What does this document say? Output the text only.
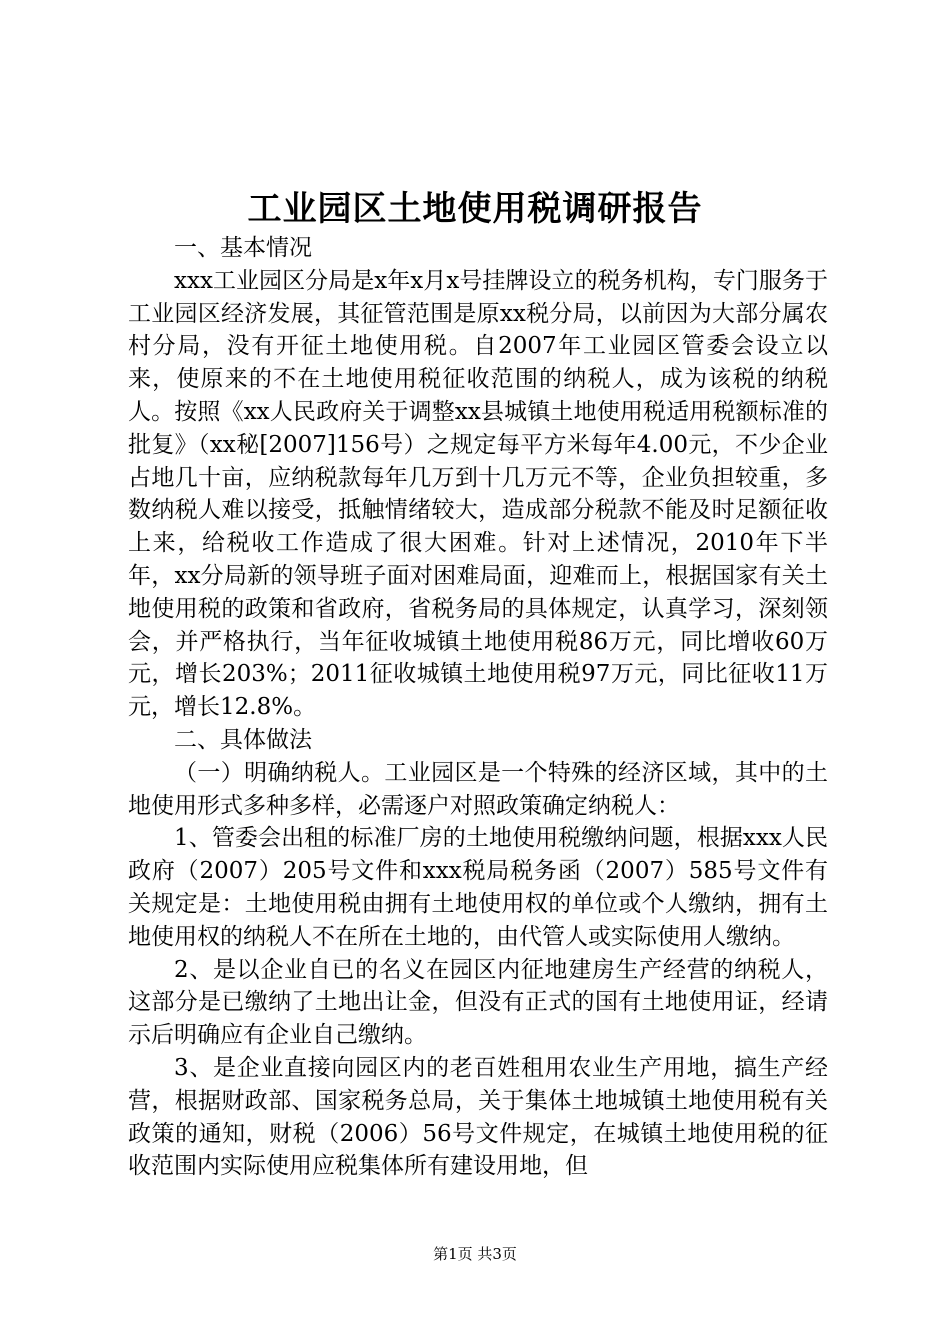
工业园区土地使用税调研报告

一、基本情况

xxx工业园区分局是x年x月x号挂牌设立的税务机构，专门服务于工业园区经济发展，其征管范围是原xx税分局，以前因为大部分属农村分局，没有开征土地使用税。自2007年工业园区管委会设立以来，使原来的不在土地使用税征收范围的纳税人，成为该税的纳税人。按照《xx人民政府关于调整xx县城镇土地使用税适用税额标准的批复》（xx秘[2007]156号）之规定每平方米每年4.00元，不少企业占地几十亩，应纳税款每年几万到十几万元不等，企业负担较重，多数纳税人难以接受，抵触情绪较大，造成部分税款不能及时足额征收上来，给税收工作造成了很大困难。针对上述情况，2010年下半年，xx分局新的领导班子面对困难局面，迎难而上，根据国家有关土地使用税的政策和省政府，省税务局的具体规定，认真学习，深刻领会，并严格执行，当年征收城镇土地使用税86万元，同比增收60万元，增长203%；2011征收城镇土地使用税97万元，同比征收11万元，增长12.8%。

二、具体做法

（一）明确纳税人。工业园区是一个特殊的经济区域，其中的土地使用形式多种多样，必需逐户对照政策确定纳税人：

1、管委会出租的标准厂房的土地使用税缴纳问题，根据xxx人民政府（2007）205号文件和xxx税局税务函（2007）585号文件有关规定是：土地使用税由拥有土地使用权的单位或个人缴纳，拥有土地使用权的纳税人不在所在土地的，由代管人或实际使用人缴纳。

2、是以企业自已的名义在园区内征地建房生产经营的纳税人，这部分是已缴纳了土地出让金，但没有正式的国有土地使用证，经请示后明确应有企业自己缴纳。

3、是企业直接向园区内的老百姓租用农业生产用地，搞生产经营，根据财政部、国家税务总局，关于集体土地城镇土地使用税有关政策的通知，财税（2006）56号文件规定，在城镇土地使用税的征收范围内实际使用应税集体所有建设用地，但

第1页 共3页
